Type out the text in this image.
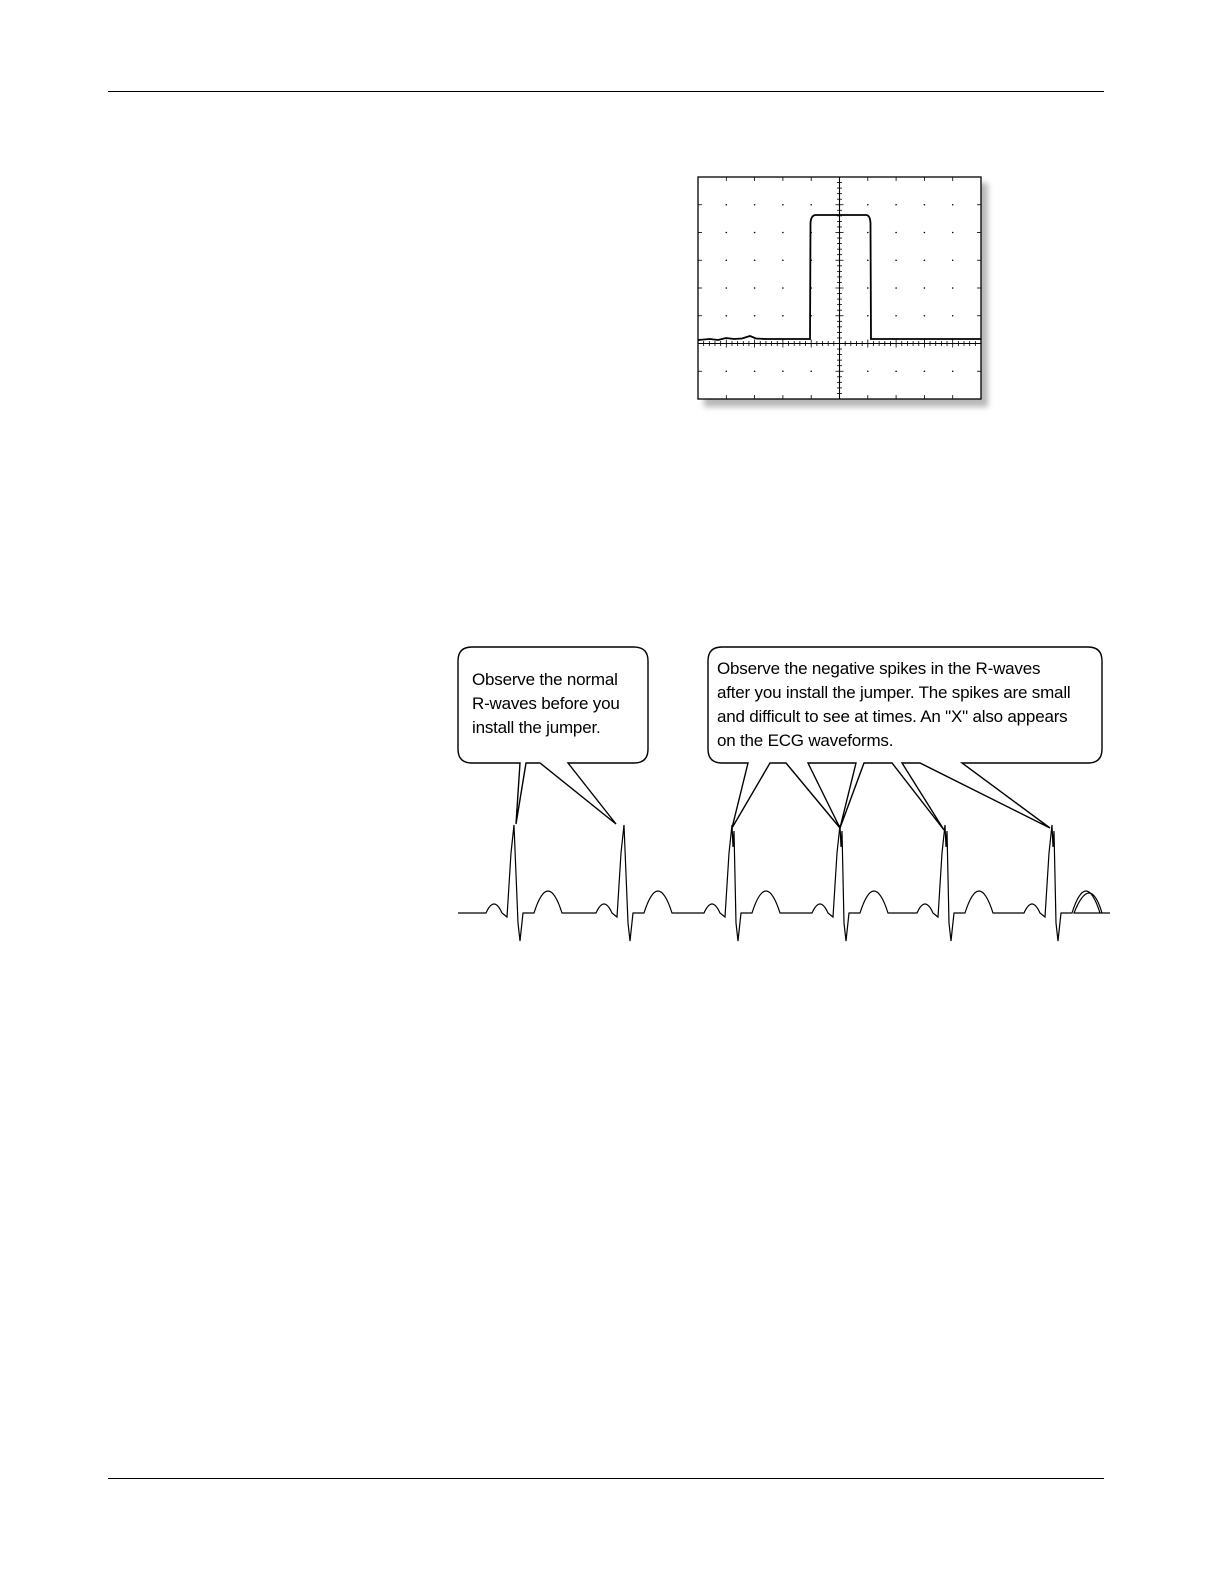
Observe the normal
R-waves before you
install the jumper.
Observe the negative spikes in the R-waves
after you install the jumper. The spikes are small
and difficult to see at times. An "X" also appears
on the ECG waveforms.
